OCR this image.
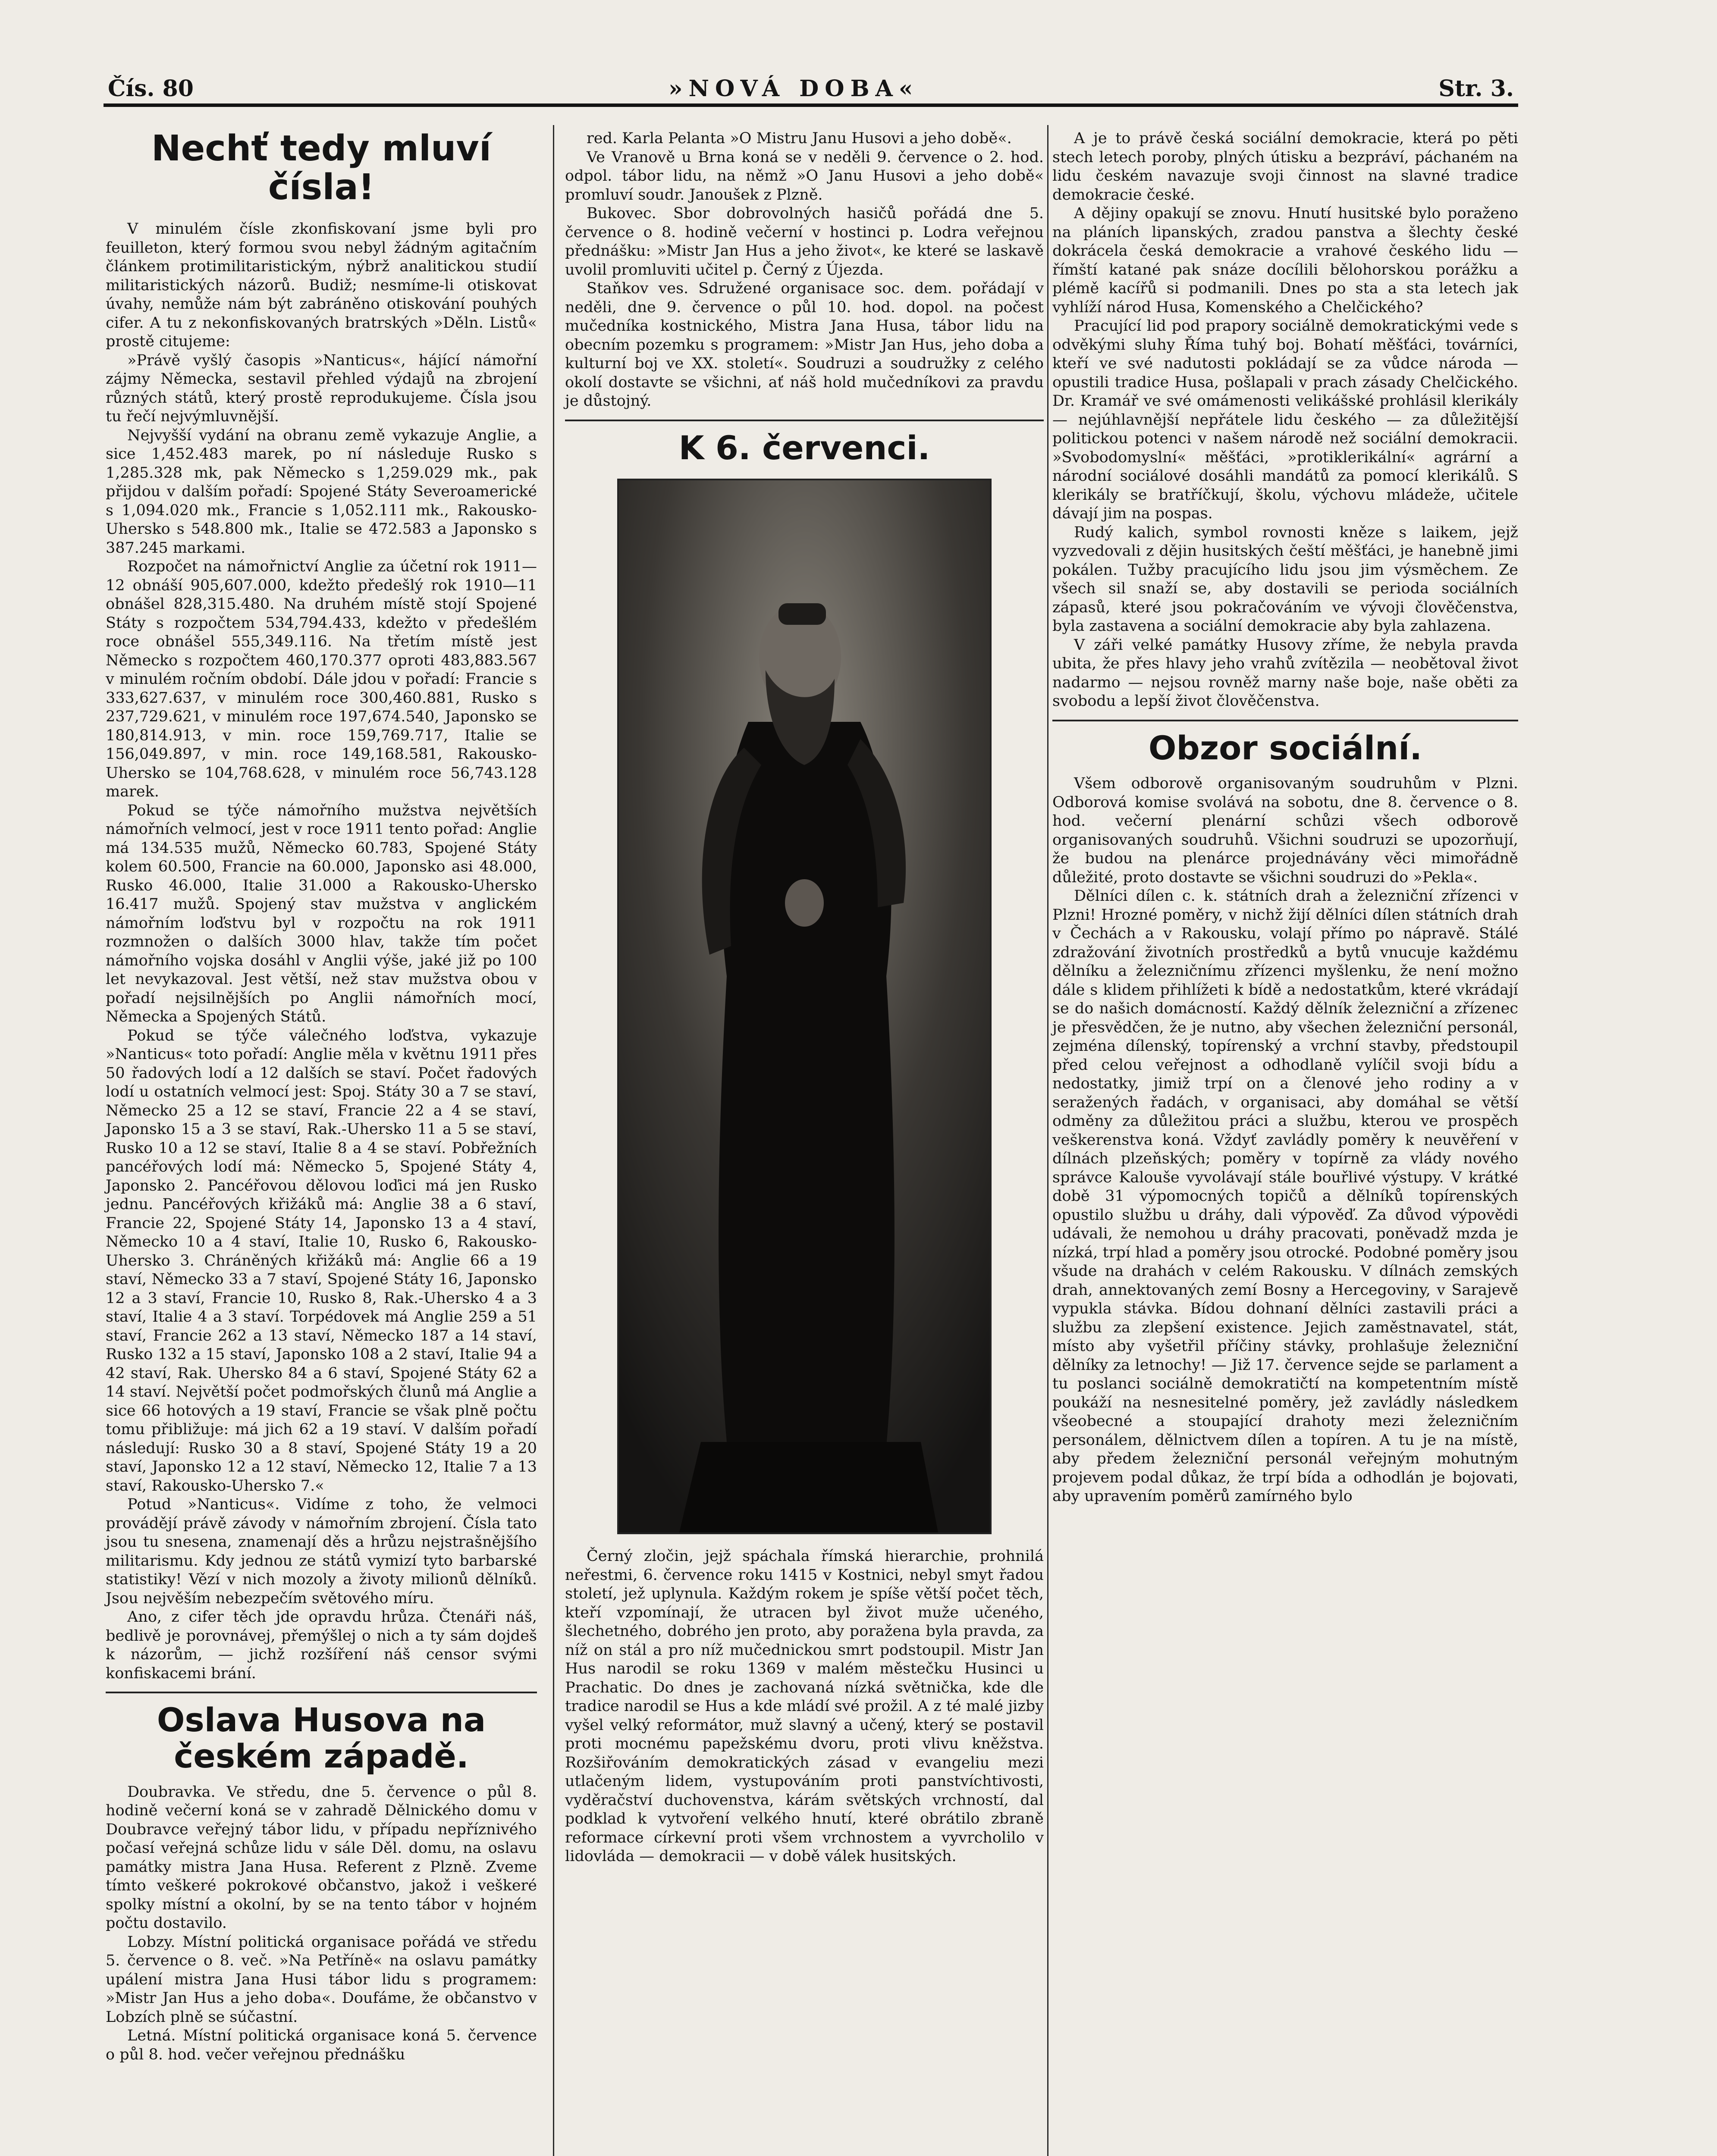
Čís. 80	»NOVÁ DOBA«	Str. 3.
Nechť tedy mluví čísla!

V minulém čísle zkonfiskovaní jsme byli pro feuilleton, který formou svou nebyl žádným agitačním článkem protimilitaristickým, nýbrž analitickou studií militaristických názorů. Budiž; nesmíme-li otiskovat úvahy, nemůže nám být zabráněno otiskování pouhých cifer. A tu z nekonfiskovaných bratrských »Děln. Listů« prostě citujeme:

»Právě vyšlý časopis »Nanticus«, hájící námořní zájmy Německa, sestavil přehled výdajů na zbrojení různých států, který prostě reprodukujeme. Čísla jsou tu řečí nejvýmluvnější.

Nejvyšší vydání na obranu země vykazuje Anglie, a sice 1,452.483 marek, po ní následuje Rusko s 1,285.328 mk, pak Německo s 1,259.029 mk., pak přijdou v dalším pořadí: Spojené Státy Severoamerické s 1,094.020 mk., Francie s 1,052.111 mk., Rakousko-Uhersko s 548.800 mk., Italie se 472.583 a Japonsko s 387.245 markami.

Rozpočet na námořnictví Anglie za účetní rok 1911—12 obnáší 905,607.000, kdežto předešlý rok 1910—11 obnášel 828,315.480. Na druhém místě stojí Spojené Státy s rozpočtem 534,794.433, kdežto v předešlém roce obnášel 555,349.116. Na třetím místě jest Německo s rozpočtem 460,170.377 oproti 483,883.567 v minulém ročním období. Dále jdou v pořadí: Francie s 333,627.637, v minulém roce 300,460.881, Rusko s 237,729.621, v minulém roce 197,674.540, Japonsko se 180,814.913, v min. roce 159,769.717, Italie se 156,049.897, v min. roce 149,168.581, Rakousko-Uhersko se 104,768.628, v minulém roce 56,743.128 marek.

Pokud se týče námořního mužstva největších námořních velmocí, jest v roce 1911 tento pořad: Anglie má 134.535 mužů, Německo 60.783, Spojené Státy kolem 60.500, Francie na 60.000, Japonsko asi 48.000, Rusko 46.000, Italie 31.000 a Rakousko-Uhersko 16.417 mužů. Spojený stav mužstva v anglickém námořním loďstvu byl v rozpočtu na rok 1911 rozmnožen o dalších 3000 hlav, takže tím počet námořního vojska dosáhl v Anglii výše, jaké již po 100 let nevykazoval. Jest větší, než stav mužstva obou v pořadí nejsilnějších po Anglii námořních mocí, Německa a Spojených Států.

Pokud se týče válečného loďstva, vykazuje »Nanticus« toto pořadí: Anglie měla v květnu 1911 přes 50 řadových lodí a 12 dalších se staví. Počet řadových lodí u ostatních velmocí jest: Spoj. Státy 30 a 7 se staví, Německo 25 a 12 se staví, Francie 22 a 4 se staví, Japonsko 15 a 3 se staví, Rak.-Uhersko 11 a 5 se staví, Rusko 10 a 12 se staví, Italie 8 a 4 se staví. Pobřežních pancéřových lodí má: Německo 5, Spojené Státy 4, Japonsko 2. Pancéřovou dělovou loďici má jen Rusko jednu. Pancéřových křižáků má: Anglie 38 a 6 staví, Francie 22, Spojené Státy 14, Japonsko 13 a 4 staví, Německo 10 a 4 staví, Italie 10, Rusko 6, Rakousko-Uhersko 3. Chráněných křižáků má: Anglie 66 a 19 staví, Německo 33 a 7 staví, Spojené Státy 16, Japonsko 12 a 3 staví, Francie 10, Rusko 8, Rak.-Uhersko 4 a 3 staví, Italie 4 a 3 staví. Torpédovek má Anglie 259 a 51 staví, Francie 262 a 13 staví, Německo 187 a 14 staví, Rusko 132 a 15 staví, Japonsko 108 a 2 staví, Italie 94 a 42 staví, Rak. Uhersko 84 a 6 staví, Spojené Státy 62 a 14 staví. Největší počet podmořských člunů má Anglie a sice 66 hotových a 19 staví, Francie se však plně počtu tomu přibližuje: má jich 62 a 19 staví. V dalším pořadí následují: Rusko 30 a 8 staví, Spojené Státy 19 a 20 staví, Japonsko 12 a 12 staví, Německo 12, Italie 7 a 13 staví, Rakousko-Uhersko 7.«

Potud »Nanticus«. Vidíme z toho, že velmoci provádějí právě závody v námořním zbrojení. Čísla tato jsou tu snesena, znamenají děs a hrůzu nejstrašnějšího militarismu. Kdy jednou ze států vymizí tyto barbarské statistiky! Vězí v nich mozoly a životy milionů dělníků. Jsou nejvěším nebezpečím světového míru.

Ano, z cifer těch jde opravdu hrůza. Čtenáři náš, bedlivě je porovnávej, přemýšlej o nich a ty sám dojdeš k názorům, — jichž rozšíření náš censor svými konfiskacemi brání.

Oslava Husova na českém západě.

Doubravka. Ve středu, dne 5. července o půl 8. hodině večerní koná se v zahradě Dělnického domu v Doubravce veřejný tábor lidu, v případu nepříznivého počasí veřejná schůze lidu v sále Děl. domu, na oslavu památky mistra Jana Husa. Referent z Plzně. Zveme tímto veškeré pokrokové občanstvo, jakož i veškeré spolky místní a okolní, by se na tento tábor v hojném počtu dostavilo.

Lobzy. Místní politická organisace pořádá ve středu 5. července o 8. več. »Na Petříně« na oslavu památky upálení mistra Jana Husi tábor lidu s programem: »Mistr Jan Hus a jeho doba«. Doufáme, že občanstvo v Lobzích plně se súčastní.

Letná. Místní politická organisace koná 5. července o půl 8. hod. večer veřejnou přednášku

red. Karla Pelanta »O Mistru Janu Husovi a jeho době«.

Ve Vranově u Brna koná se v neděli 9. července o 2. hod. odpol. tábor lidu, na němž »O Janu Husovi a jeho době« promluví soudr. Janoušek z Plzně.

Bukovec. Sbor dobrovolných hasičů pořádá dne 5. července o 8. hodině večerní v hostinci p. Lodra veřejnou přednášku: »Mistr Jan Hus a jeho život«, ke které se laskavě uvolil promluviti učitel p. Černý z Újezda.

Staňkov ves. Sdružené organisace soc. dem. pořádají v neděli, dne 9. července o půl 10. hod. dopol. na počest mučedníka kostnického, Mistra Jana Husa, tábor lidu na obecním pozemku s programem: »Mistr Jan Hus, jeho doba a kulturní boj ve XX. století«. Soudruzi a soudružky z celého okolí dostavte se všichni, ať náš hold mučedníkovi za pravdu je důstojný.

K 6. červenci.

Černý zločin, jejž spáchala římská hierarchie, prohnilá neřestmi, 6. července roku 1415 v Kostnici, nebyl smyt řadou století, jež uplynula. Každým rokem je spíše větší počet těch, kteří vzpomínají, že utracen byl život muže učeného, šlechetného, dobrého jen proto, aby poražena byla pravda, za níž on stál a pro níž mučednickou smrt podstoupil. Mistr Jan Hus narodil se roku 1369 v malém městečku Husinci u Prachatic. Do dnes je zachovaná nízká světnička, kde dle tradice narodil se Hus a kde mládí své prožil. A z té malé jizby vyšel velký reformátor, muž slavný a učený, který se postavil proti mocnému papežskému dvoru, proti vlivu kněžstva. Rozšiřováním demokratických zásad v evangeliu mezi utlačeným lidem, vystupováním proti panstvíchtivosti, vyděračství duchovenstva, kárám světských vrchností, dal podklad k vytvoření velkého hnutí, které obrátilo zbraně reformace církevní proti všem vrchnostem a vyvrcholilo v lidovláda — demokracii — v době válek husitských.

A je to právě česká sociální demokracie, která po pěti stech letech poroby, plných útisku a bezpráví, páchaném na lidu českém navazuje svoji činnost na slavné tradice demokracie české.

A dějiny opakují se znovu. Hnutí husitské bylo poraženo na pláních lipanských, zradou panstva a šlechty české dokrácela česká demokracie a vrahové českého lidu — římští katané pak snáze docílili bělohorskou porážku a plémě kacířů si podmanili. Dnes po sta a sta letech jak vyhlíží národ Husa, Komenského a Chelčického?

Pracující lid pod prapory sociálně demokratickými vede s odvěkými sluhy Říma tuhý boj. Bohatí měšťáci, továrníci, kteří ve své nadutosti pokládají se za vůdce národa — opustili tradice Husa, pošlapali v prach zásady Chelčického. Dr. Kramář ve své omámenosti velikášské prohlásil klerikály — nejúhlavnější nepřátele lidu českého — za důležitější politickou potenci v našem národě než sociální demokracii. »Svobodomyslní« měšťáci, »protiklerikální« agrární a národní sociálové dosáhli mandátů za pomocí klerikálů. S klerikály se bratříčkují, školu, výchovu mládeže, učitele dávají jim na pospas.

Rudý kalich, symbol rovnosti kněze s laikem, jejž vyzvedovali z dějin husitských čeští měšťáci, je hanebně jimi pokálen. Tužby pracujícího lidu jsou jim výsměchem. Ze všech sil snaží se, aby dostavili se perioda sociálních zápasů, které jsou pokračováním ve vývoji člověčenstva, byla zastavena a sociální demokracie aby byla zahlazena.

V záři velké památky Husovy zříme, že nebyla pravda ubita, že přes hlavy jeho vrahů zvítězila — neobětoval život nadarmo — nejsou rovněž marny naše boje, naše oběti za svobodu a lepší život člověčenstva.

Obzor sociální.

Všem odborově organisovaným soudruhům v Plzni. Odborová komise svolává na sobotu, dne 8. července o 8. hod. večerní plenární schůzi všech odborově organisovaných soudruhů. Všichni soudruzi se upozorňují, že budou na plenárce projednávány věci mimořádně důležité, proto dostavte se všichni soudruzi do »Pekla«.

Dělníci dílen c. k. státních drah a železniční zřízenci v Plzni! Hrozné poměry, v nichž žijí dělníci dílen státních drah v Čechách a v Rakousku, volají přímo po nápravě. Stálé zdražování životních prostředků a bytů vnucuje každému dělníku a železničnímu zřízenci myšlenku, že není možno dále s klidem přihlížeti k bídě a nedostatkům, které vkrádají se do našich domácností. Každý dělník železniční a zřízenec je přesvědčen, že je nutno, aby všechen železniční personál, zejména dílenský, topírenský a vrchní stavby, předstoupil před celou veřejnost a odhodlaně vylíčil svoji bídu a nedostatky, jimiž trpí on a členové jeho rodiny a v seražených řadách, v organisaci, aby domáhal se větší odměny za důležitou práci a službu, kterou ve prospěch veškerenstva koná. Vždyť zavládly poměry k neuvěření v dílnách plzeňských; poměry v topírně za vlády nového správce Kalouše vyvolávají stále bouřlivé výstupy. V krátké době 31 výpomocných topičů a dělníků topírenských opustilo službu u dráhy, dali výpověď. Za důvod výpovědi udávali, že nemohou u dráhy pracovati, poněvadž mzda je nízká, trpí hlad a poměry jsou otrocké. Podobné poměry jsou všude na drahách v celém Rakousku. V dílnách zemských drah, annektovaných zemí Bosny a Hercegoviny, v Sarajevě vypukla stávka. Bídou dohnaní dělníci zastavili práci a službu za zlepšení existence. Jejich zaměstnavatel, stát, místo aby vyšetřil příčiny stávky, prohlašuje železniční dělníky za letnochy! — Již 17. července sejde se parlament a tu poslanci sociálně demokratičtí na kompetentním místě poukáží na nesnesitelné poměry, jež zavládly následkem všeobecné a stoupající drahoty mezi železničním personálem, dělnictvem dílen a topíren. A tu je na místě, aby předem železniční personál veřejným mohutným projevem podal důkaz, že trpí bída a odhodlán je bojovati, aby upravením poměrů zamírného bylo
